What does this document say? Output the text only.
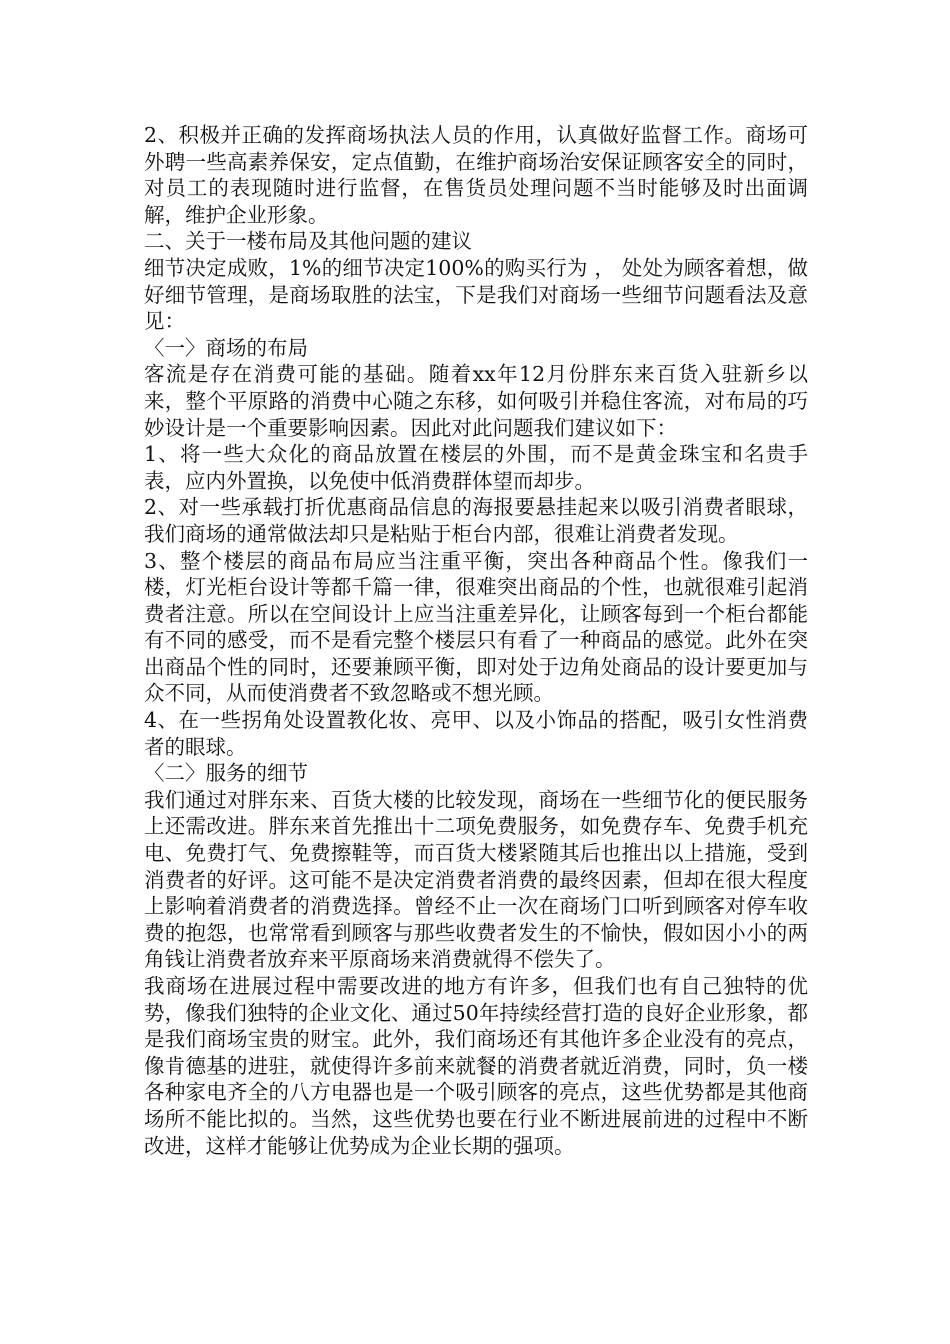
2、积极并正确的发挥商场执法人员的作用，认真做好监督工作。商场可外聘一些高素养保安，定点值勤，在维护商场治安保证顾客安全的同时，对员工的表现随时进行监督，在售货员处理问题不当时能够及时出面调解，维护企业形象。

二、关于一楼布局及其他问题的建议

细节决定成败，1%的细节决定100%的购买行为 ， 处处为顾客着想，做好细节管理，是商场取胜的法宝，下是我们对商场一些细节问题看法及意见：

〈一〉商场的布局

客流是存在消费可能的基础。随着xx年12月份胖东来百货入驻新乡以来，整个平原路的消费中心随之东移，如何吸引并稳住客流，对布局的巧妙设计是一个重要影响因素。因此对此问题我们建议如下：

1、将一些大众化的商品放置在楼层的外围，而不是黄金珠宝和名贵手表，应内外置换，以免使中低消费群体望而却步。

2、对一些承载打折优惠商品信息的海报要悬挂起来以吸引消费者眼球，我们商场的通常做法却只是粘贴于柜台内部，很难让消费者发现。

3、整个楼层的商品布局应当注重平衡，突出各种商品个性。像我们一楼，灯光柜台设计等都千篇一律，很难突出商品的个性，也就很难引起消费者注意。所以在空间设计上应当注重差异化，让顾客每到一个柜台都能有不同的感受，而不是看完整个楼层只有看了一种商品的感觉。此外在突出商品个性的同时，还要兼顾平衡，即对处于边角处商品的设计要更加与众不同，从而使消费者不致忽略或不想光顾。

4、在一些拐角处设置教化妆、亮甲、以及小饰品的搭配，吸引女性消费者的眼球。

〈二〉服务的细节

我们通过对胖东来、百货大楼的比较发现，商场在一些细节化的便民服务上还需改进。胖东来首先推出十二项免费服务，如免费存车、免费手机充电、免费打气、免费擦鞋等，而百货大楼紧随其后也推出以上措施，受到消费者的好评。这可能不是决定消费者消费的最终因素，但却在很大程度上影响着消费者的消费选择。曾经不止一次在商场门口听到顾客对停车收费的抱怨，也常常看到顾客与那些收费者发生的不愉快，假如因小小的两角钱让消费者放弃来平原商场来消费就得不偿失了。

我商场在进展过程中需要改进的地方有许多，但我们也有自己独特的优势，像我们独特的企业文化、通过50年持续经营打造的良好企业形象，都是我们商场宝贵的财宝。此外，我们商场还有其他许多企业没有的亮点，像肯德基的进驻，就使得许多前来就餐的消费者就近消费，同时，负一楼各种家电齐全的八方电器也是一个吸引顾客的亮点，这些优势都是其他商场所不能比拟的。当然，这些优势也要在行业不断进展前进的过程中不断改进，这样才能够让优势成为企业长期的强项。
